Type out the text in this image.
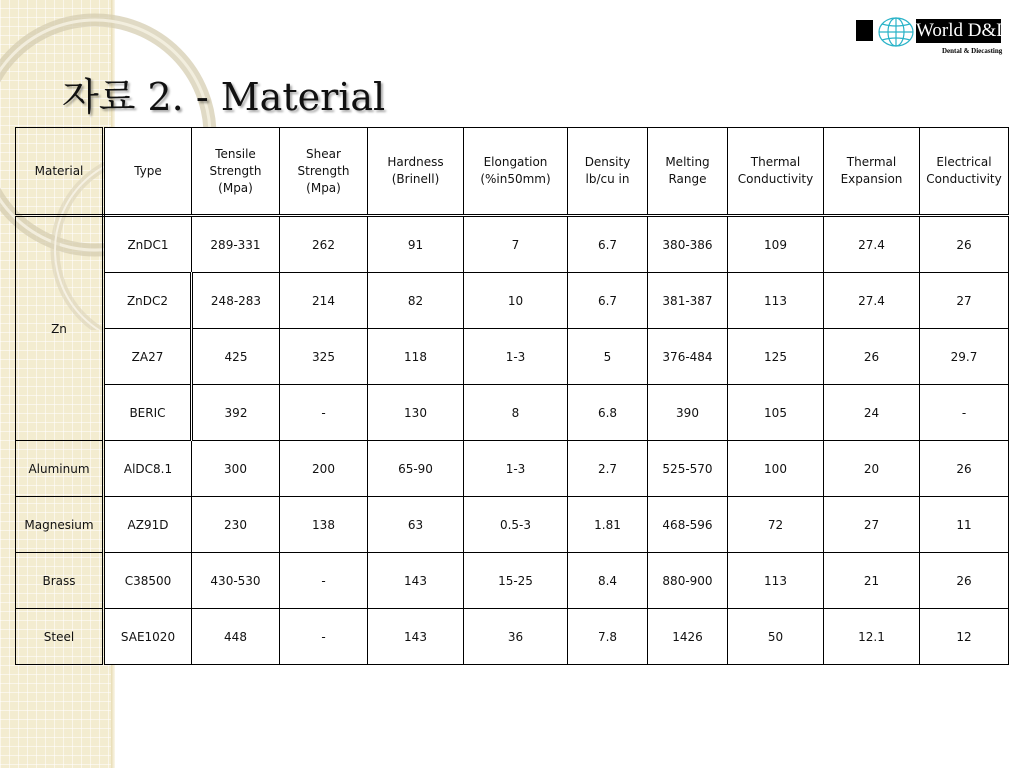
자료 2. - Material
World D&D
Dental & Diecasting
Material	Type	Tensile Strength (Mpa)	Shear Strength (Mpa)	Hardness (Brinell)	Elongation (%in50mm)	Density lb/cu in	Melting Range	Thermal Conductivity	Thermal Expansion	Electrical Conductivity
Zn	ZnDC1	289-331	262	91	7	6.7	380-386	109	27.4	26
	ZnDC2	248-283	214	82	10	6.7	381-387	113	27.4	27
	ZA27	425	325	118	1-3	5	376-484	125	26	29.7
	BERIC	392	-	130	8	6.8	390	105	24	-
Aluminum	AlDC8.1	300	200	65-90	1-3	2.7	525-570	100	20	26
Magnesium	AZ91D	230	138	63	0.5-3	1.81	468-596	72	27	11
Brass	C38500	430-530	-	143	15-25	8.4	880-900	113	21	26
Steel	SAE1020	448	-	143	36	7.8	1426	50	12.1	12
